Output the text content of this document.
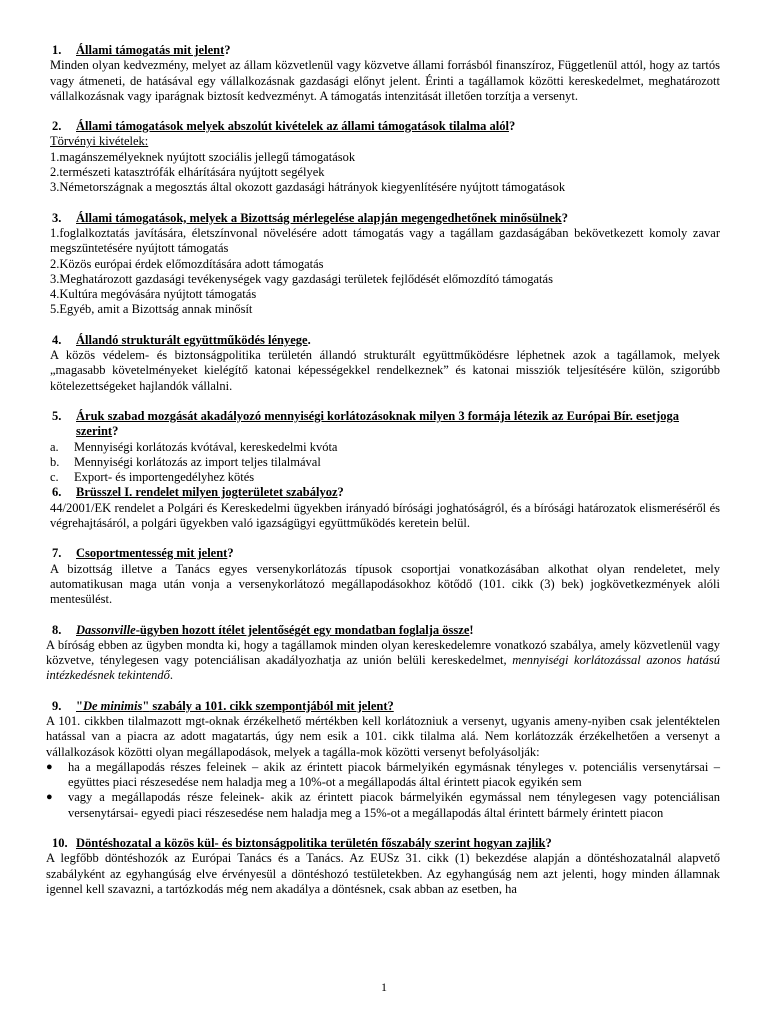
1.	Állami támogatás mit jelent?
Minden olyan kedvezmény, melyet az állam közvetlenül vagy közvetve állami forrásból finanszíroz, Függetlenül attól, hogy az tartós vagy átmeneti, de hatásával egy vállalkozásnak gazdasági előnyt jelent. Érinti a tagállamok közötti kereskedelmet, meghatározott vállalkozásnak vagy iparágnak biztosít kedvezményt. A támogatás intenzitását illetően torzítja a versenyt.
2.	Állami támogatások melyek abszolút kivételek az állami támogatások tilalma alól?
Törvényi kivételek:
1.magánszemélyeknek nyújtott szociális jellegű támogatások
2.természeti katasztrófák elhárítására nyújtott segélyek
3.Németországnak a megosztás által okozott gazdasági hátrányok kiegyenlítésére nyújtott támogatások
3.	Állami támogatások, melyek a Bizottság mérlegelése alapján megengedhetőnek minősülnek?
1.foglalkoztatás javítására, életszínvonal növelésére adott támogatás vagy a tagállam gazdaságában bekövetkezett komoly zavar megszüntetésére nyújtott támogatás
2.Közös európai érdek előmozdítására adott támogatás
3.Meghatározott gazdasági tevékenységek vagy gazdasági területek fejlődését előmozdító támogatás
4.Kultúra megóvására nyújtott támogatás
5.Egyéb, amit a Bizottság annak minősít
4.	Állandó strukturált együttműködés lényege.
A közös védelem- és biztonságpolitika területén állandó strukturált együttműködésre léphetnek azok a tagállamok, melyek „magasabb követelményeket kielégítő katonai képességekkel rendelkeznek” és katonai missziók teljesítésére külön, szigorúbb kötelezettségeket hajlandók vállalni.
5.	Áruk szabad mozgását akadályozó mennyiségi korlátozásoknak milyen 3 formája létezik az Európai Bír. esetjoga szerint?
a.	Mennyiségi korlátozás kvótával, kereskedelmi kvóta
b.	Mennyiségi korlátozás az import teljes tilalmával
c.	Export- és importengedélyhez kötés
6.	Brüsszel I. rendelet milyen jogterületet szabályoz?
44/2001/EK rendelet a Polgári és Kereskedelmi ügyekben irányadó bírósági joghatóságról, és a bírósági határozatok elismeréséről és végrehajtásáról, a polgári ügyekben való igazságügyi együttműködés keretein belül.
7.	Csoportmentesség mit jelent?
A bizottság illetve a Tanács egyes versenykorlátozás típusok csoportjai vonatkozásában alkothat olyan rendeletet, mely automatikusan maga után vonja a versenykorlátozó megállapodásokhoz kötődő (101. cikk (3) bek) jogkövetkezmények alóli mentesülést.
8.	Dassonville-ügyben hozott ítélet jelentőségét egy mondatban foglalja össze!
A bíróság ebben az ügyben mondta ki, hogy a tagállamok minden olyan kereskedelemre vonatkozó szabálya, amely közvetlenül vagy közvetve, ténylegesen vagy potenciálisan akadályozhatja az unión belüli kereskedelmet, mennyiségi korlátozással azonos hatású intézkedésnek tekintendő.
9.	"De minimis" szabály a 101. cikk szempontjából mit jelent?
A 101. cikkben tilalmazott mgt-oknak érzékelhető mértékben kell korlátozniuk a versenyt, ugyanis ameny-nyiben csak jelentéktelen hatással van a piacra az adott magatartás, úgy nem esik a 101. cikk tilalma alá. Nem korlátozzák érzékelhetően a versenyt a vállalkozások közötti olyan megállapodások, melyek a tagálla-mok közötti versenyt befolyásolják:
●	ha a megállapodás részes feleinek – akik az érintett piacok bármelyikén egymásnak tényleges v. potenciális versenytársai – együttes piaci részesedése nem haladja meg a 10%-ot a megállapodás által érintett piacok egyikén sem
●	vagy a megállapodás része feleinek- akik az érintett piacok bármelyikén egymással nem ténylegesen vagy potenciálisan versenytársai- egyedi piaci részesedése nem haladja meg a 15%-ot a megállapodás által érintett bármely érintett piacon
10. Döntéshozatal a közös kül- és biztonságpolitika területén főszabály szerint hogyan zajlik?
A legfőbb döntéshozók az Európai Tanács és a Tanács. Az EUSz 31. cikk (1) bekezdése alapján a döntéshozatalnál alapvető szabályként az egyhangúság elve érvényesül a döntéshozó testületekben. Az egyhangúság nem azt jelenti, hogy minden államnak igennel kell szavazni, a tartózkodás még nem akadálya a döntésnek, csak abban az esetben, ha
1
